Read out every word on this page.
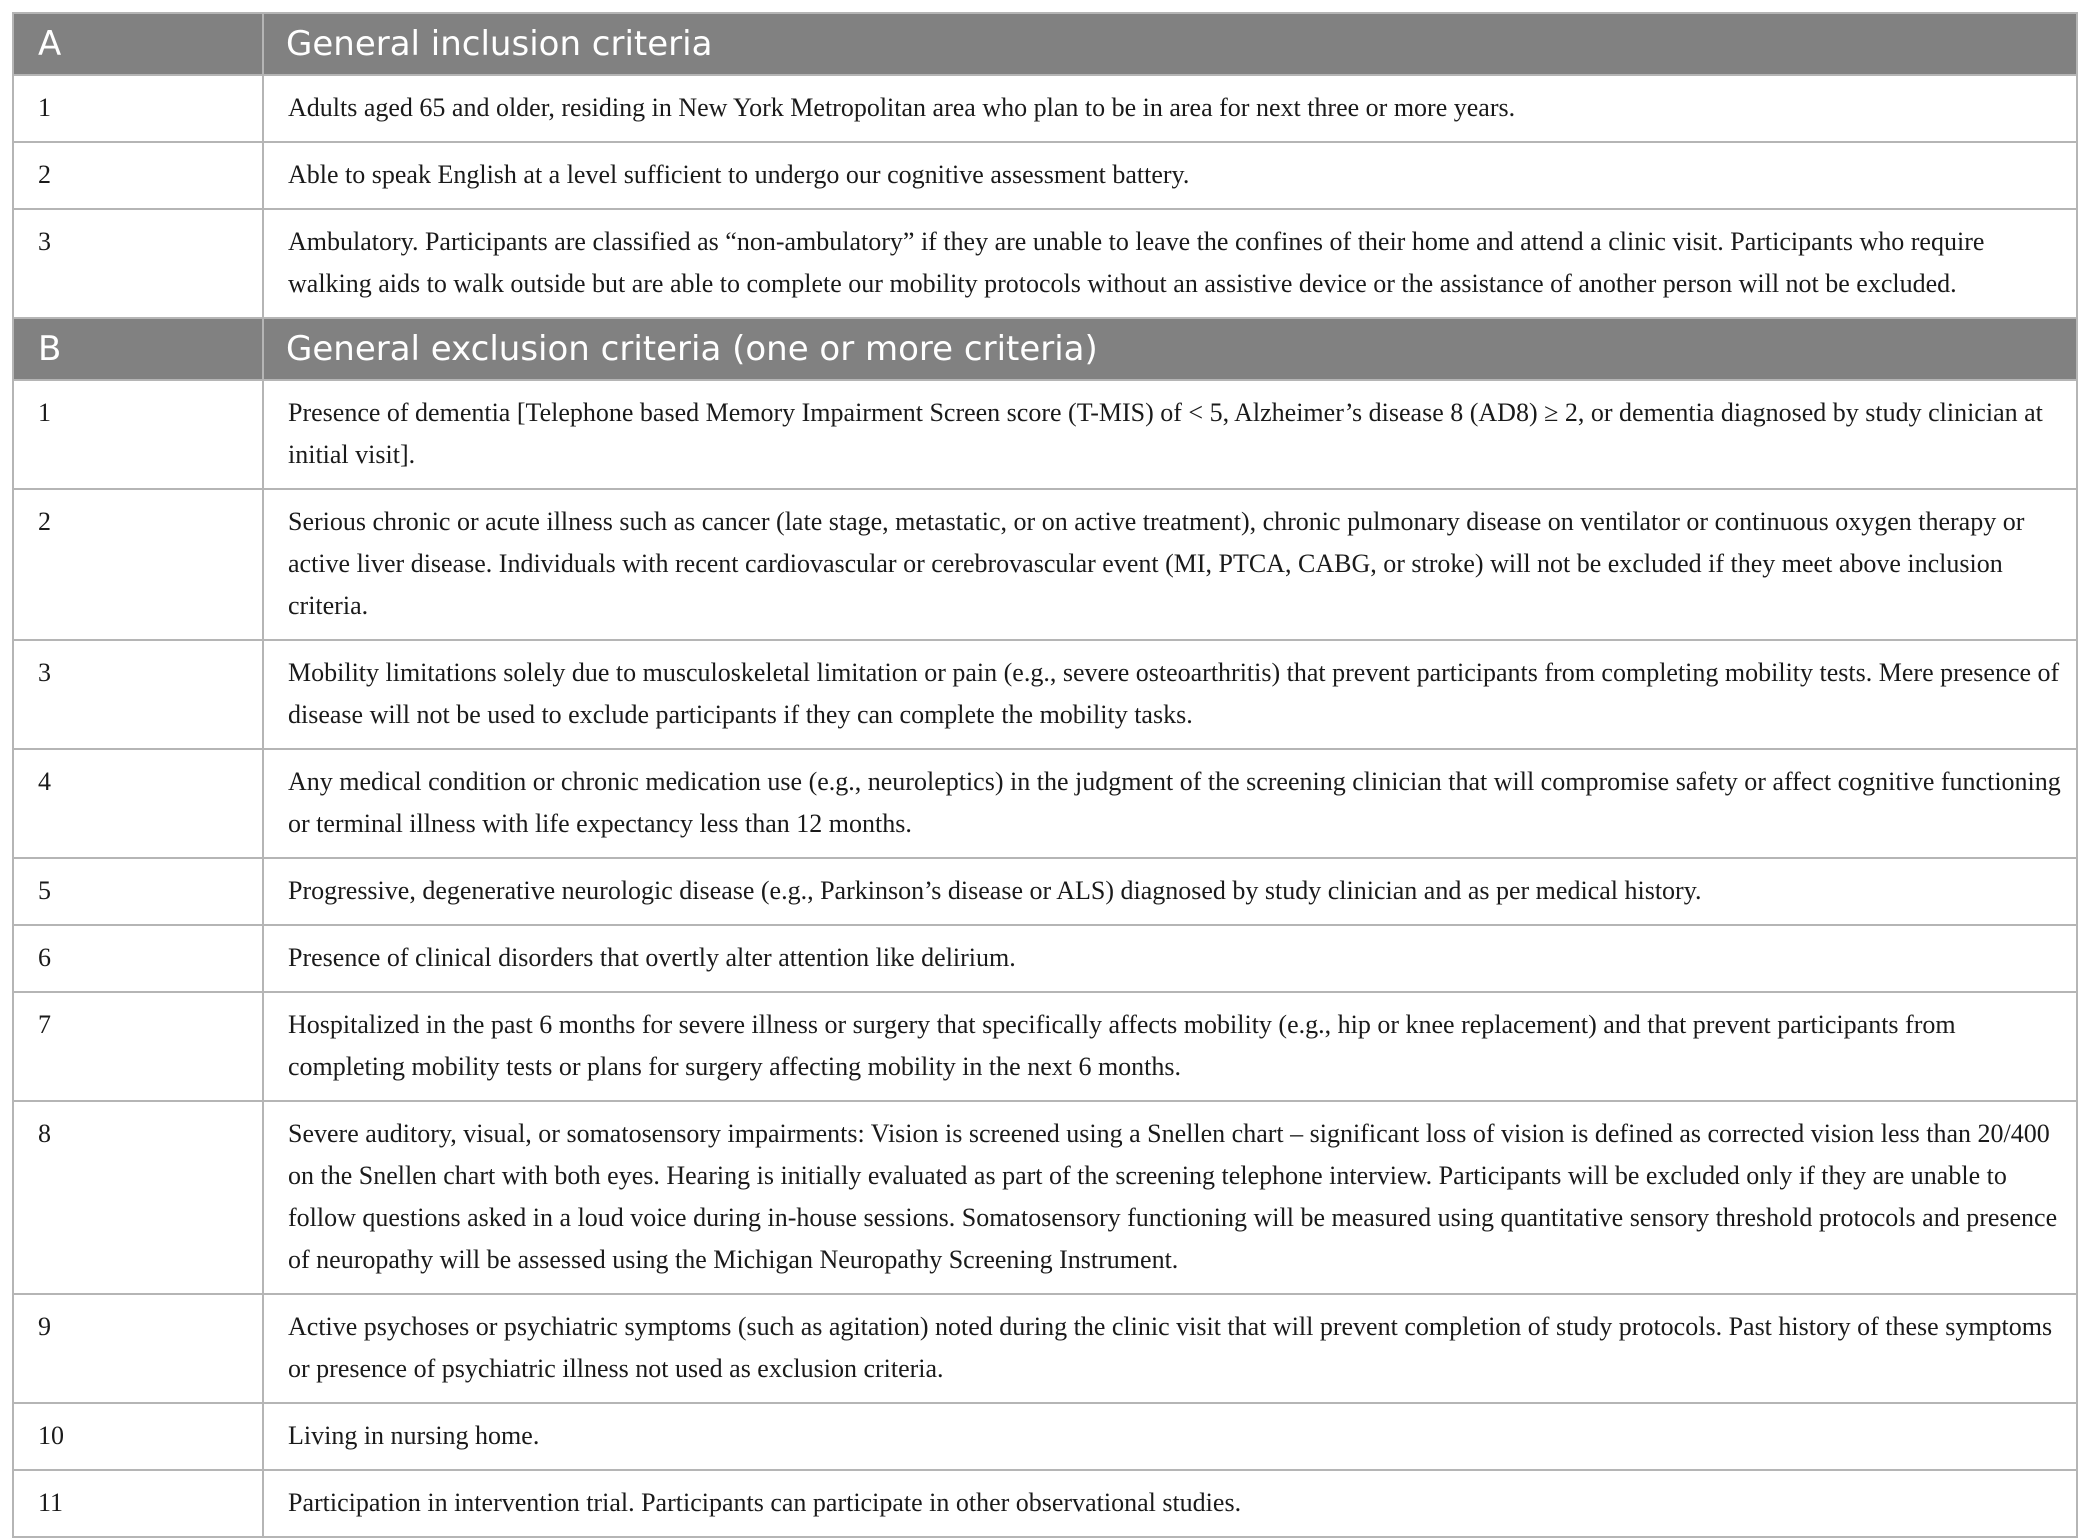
A	General inclusion criteria
1	Adults aged 65 and older, residing in New York Metropolitan area who plan to be in area for next three or more years.
2	Able to speak English at a level sufficient to undergo our cognitive assessment battery.
3	Ambulatory. Participants are classified as “non-ambulatory” if they are unable to leave the confines of their home and attend a clinic visit. Participants who require walking aids to walk outside but are able to complete our mobility protocols without an assistive device or the assistance of another person will not be excluded.
B	General exclusion criteria (one or more criteria)
1	Presence of dementia [Telephone based Memory Impairment Screen score (T-MIS) of < 5, Alzheimer’s disease 8 (AD8) ≥ 2, or dementia diagnosed by study clinician at initial visit].
2	Serious chronic or acute illness such as cancer (late stage, metastatic, or on active treatment), chronic pulmonary disease on ventilator or continuous oxygen therapy or active liver disease. Individuals with recent cardiovascular or cerebrovascular event (MI, PTCA, CABG, or stroke) will not be excluded if they meet above inclusion criteria.
3	Mobility limitations solely due to musculoskeletal limitation or pain (e.g., severe osteoarthritis) that prevent participants from completing mobility tests. Mere presence of disease will not be used to exclude participants if they can complete the mobility tasks.
4	Any medical condition or chronic medication use (e.g., neuroleptics) in the judgment of the screening clinician that will compromise safety or affect cognitive functioning or terminal illness with life expectancy less than 12 months.
5	Progressive, degenerative neurologic disease (e.g., Parkinson’s disease or ALS) diagnosed by study clinician and as per medical history.
6	Presence of clinical disorders that overtly alter attention like delirium.
7	Hospitalized in the past 6 months for severe illness or surgery that specifically affects mobility (e.g., hip or knee replacement) and that prevent participants from completing mobility tests or plans for surgery affecting mobility in the next 6 months.
8	Severe auditory, visual, or somatosensory impairments: Vision is screened using a Snellen chart – significant loss of vision is defined as corrected vision less than 20/400 on the Snellen chart with both eyes. Hearing is initially evaluated as part of the screening telephone interview. Participants will be excluded only if they are unable to follow questions asked in a loud voice during in-house sessions. Somatosensory functioning will be measured using quantitative sensory threshold protocols and presence of neuropathy will be assessed using the Michigan Neuropathy Screening Instrument.
9	Active psychoses or psychiatric symptoms (such as agitation) noted during the clinic visit that will prevent completion of study protocols. Past history of these symptoms or presence of psychiatric illness not used as exclusion criteria.
10	Living in nursing home.
11	Participation in intervention trial. Participants can participate in other observational studies.
